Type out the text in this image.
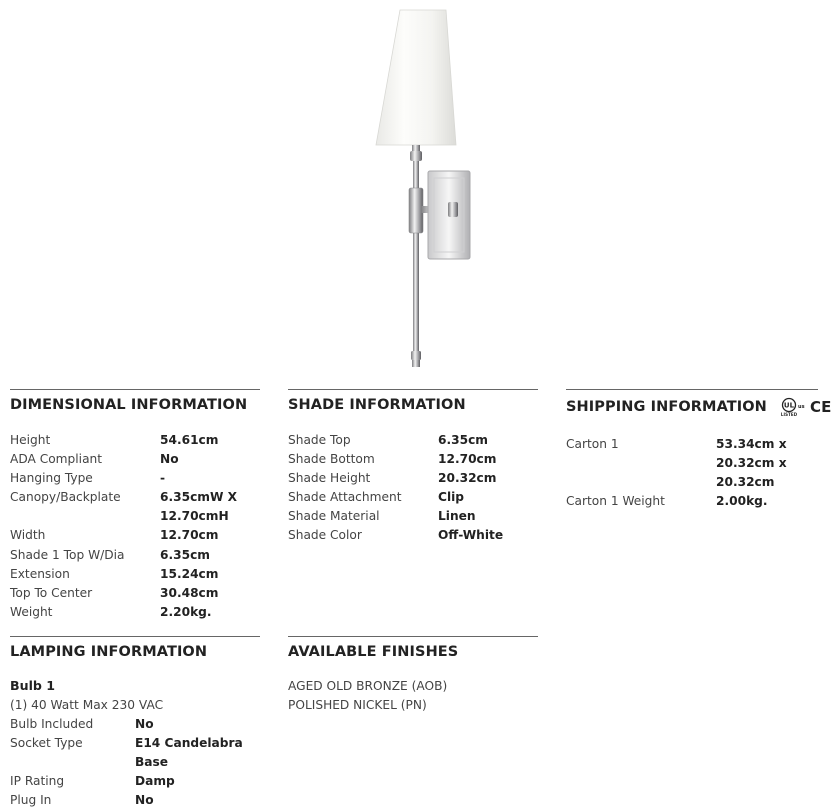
DIMENSIONAL INFORMATION
Height	54.61cm
ADA Compliant	No
Hanging Type	-
Canopy/Backplate	6.35cmW X 12.70cmH
Width	12.70cm
Shade 1 Top W/Dia	6.35cm
Extension	15.24cm
Top To Center	30.48cm
Weight	2.20kg.
SHADE INFORMATION
Shade Top	6.35cm
Shade Bottom	12.70cm
Shade Height	20.32cm
Shade Attachment	Clip
Shade Material	Linen
Shade Color	Off-White
SHIPPING INFORMATION UL
LISTED
us CE
Carton 1	53.34cm x 20.32cm x 20.32cm
Carton 1 Weight	2.00kg.
LAMPING INFORMATION
Bulb 1
(1) 40 Watt Max 230 VAC
Bulb Included	No
Socket Type	E14 Candelabra Base
IP Rating	Damp
Plug In	No
AVAILABLE FINISHES
AGED OLD BRONZE (AOB)
POLISHED NICKEL (PN)
